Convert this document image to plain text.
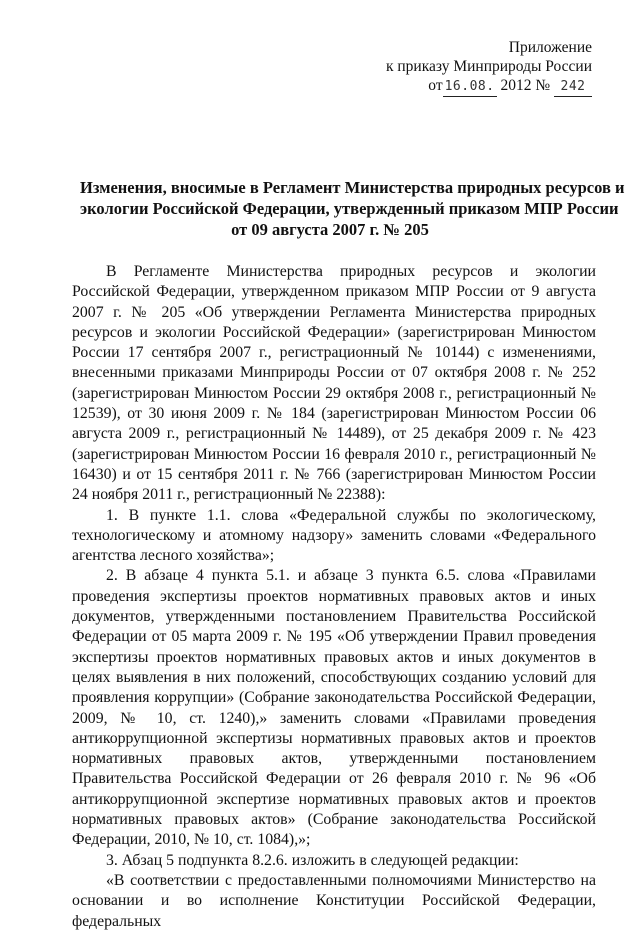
Приложение
к приказу Минприроды России
от 16.08. 2012 № 242
Изменения, вносимые в Регламент Министерства природных ресурсов и
экологии Российской Федерации, утвержденный приказом МПР России
от 09 августа 2007 г. № 205

В Регламенте Министерства природных ресурсов и экологии Российской Федерации, утвержденном приказом МПР России от 9 августа 2007 г. № 205 «Об утверждении Регламента Министерства природных ресурсов и экологии Российской Федерации» (зарегистрирован Минюстом России 17 сентября 2007 г., регистрационный № 10144) с изменениями, внесенными приказами Минприроды России от 07 октября 2008 г. № 252 (зарегистрирован Минюстом России 29 октября 2008 г., регистрационный № 12539), от 30 июня 2009 г. № 184 (зарегистрирован Минюстом России 06 августа 2009 г., регистрационный № 14489), от 25 декабря 2009 г. № 423 (зарегистрирован Минюстом России 16 февраля 2010 г., регистрационный № 16430) и от 15 сентября 2011 г. № 766 (зарегистрирован Минюстом России 24 ноября 2011 г., регистрационный № 22388):

1. В пункте 1.1. слова «Федеральной службы по экологическому, технологическому и атомному надзору» заменить словами «Федерального агентства лесного хозяйства»;

2. В абзаце 4 пункта 5.1. и абзаце 3 пункта 6.5. слова «Правилами проведения экспертизы проектов нормативных правовых актов и иных документов, утвержденными постановлением Правительства Российской Федерации от 05 марта 2009 г. № 195 «Об утверждении Правил проведения экспертизы проектов нормативных правовых актов и иных документов в целях выявления в них положений, способствующих созданию условий для проявления коррупции» (Собрание законодательства Российской Федерации, 2009, № 10, ст. 1240),» заменить словами «Правилами проведения антикоррупционной экспертизы нормативных правовых актов и проектов нормативных правовых актов, утвержденными постановлением Правительства Российской Федерации от 26 февраля 2010 г. № 96 «Об антикоррупционной экспертизе нормативных правовых актов и проектов нормативных правовых актов» (Собрание законодательства Российской Федерации, 2010, № 10, ст. 1084),»;

3. Абзац 5 подпункта 8.2.6. изложить в следующей редакции:

«В соответствии с предоставленными полномочиями Министерство на основании и во исполнение Конституции Российской Федерации, федеральных
